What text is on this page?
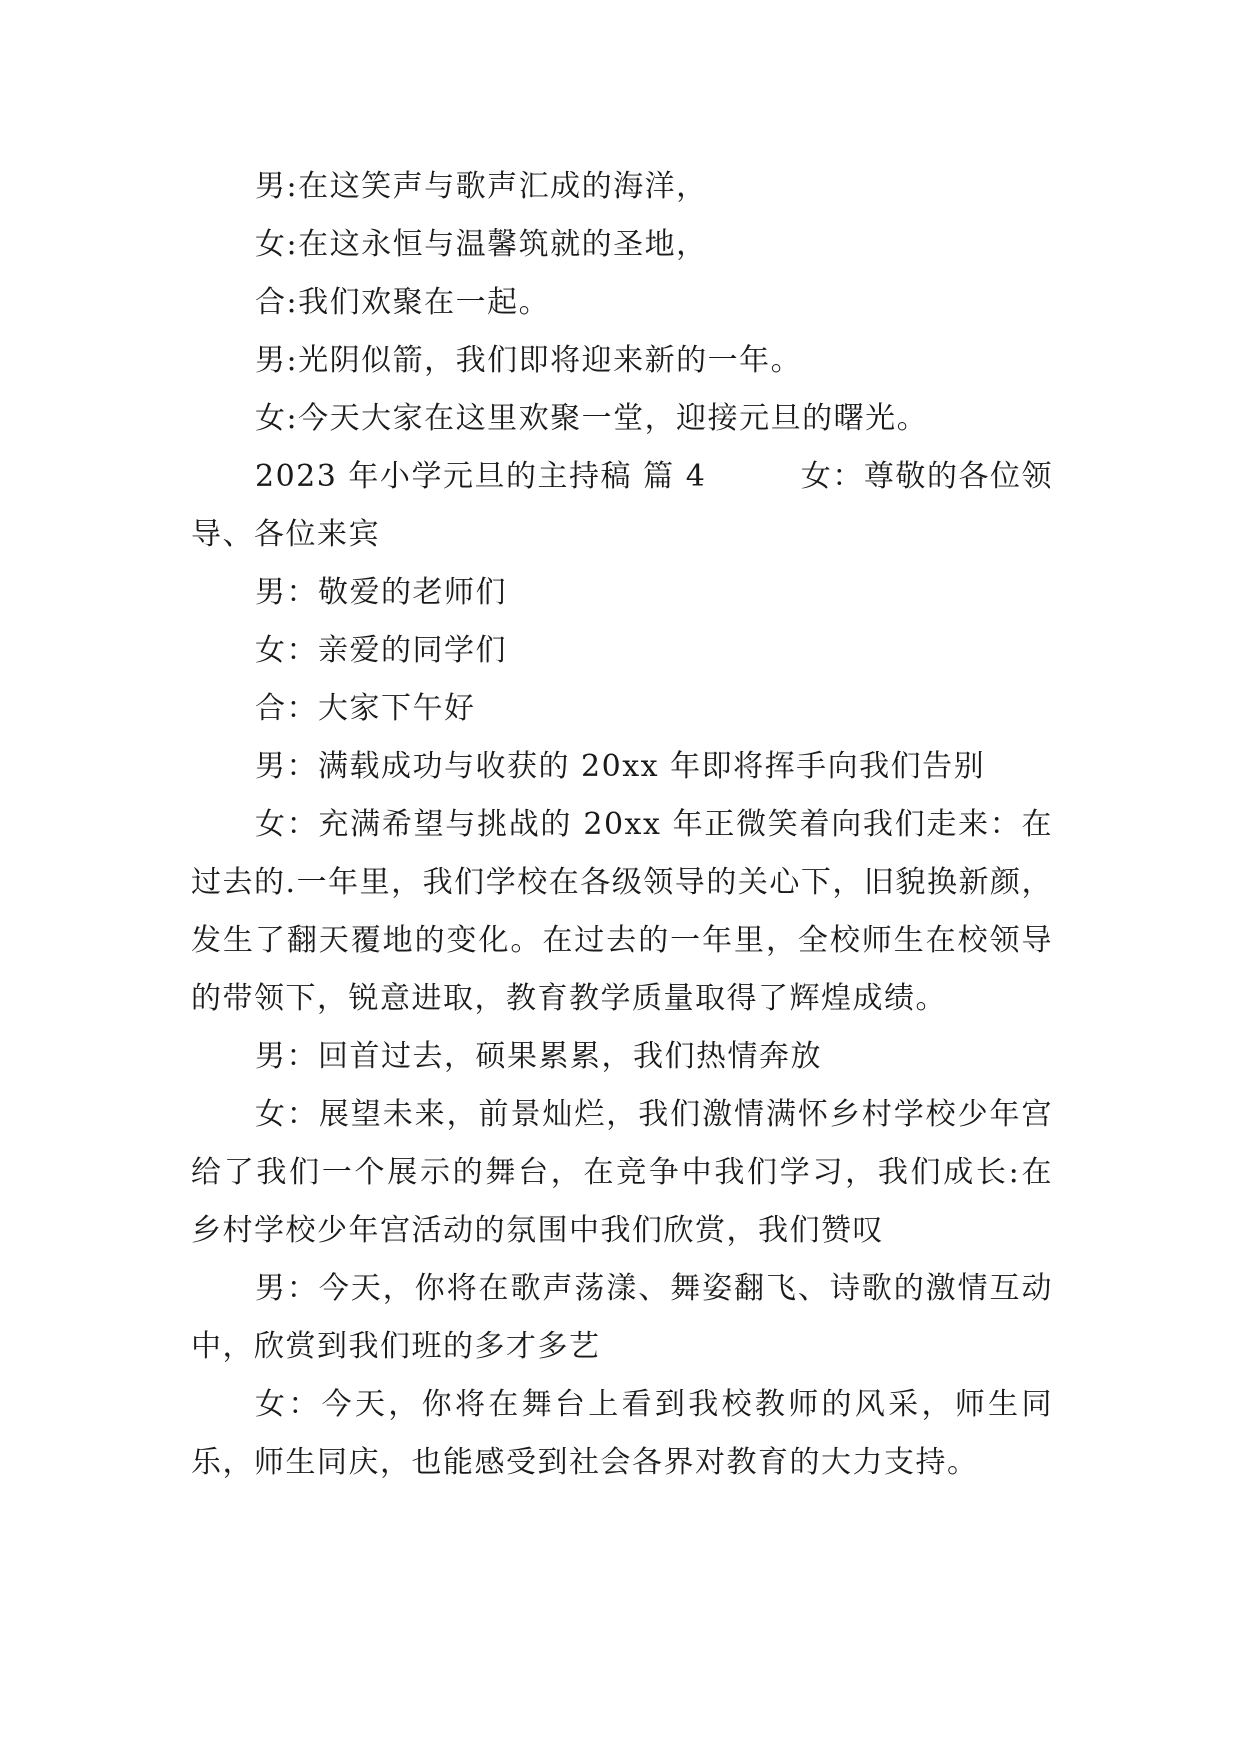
男:在这笑声与歌声汇成的海洋，

女:在这永恒与温馨筑就的圣地，

合:我们欢聚在一起。

男:光阴似箭，我们即将迎来新的一年。

女:今天大家在这里欢聚一堂，迎接元旦的曙光。

2023 年小学元旦的主持稿 篇 4　　　女：尊敬的各位领导、各位来宾

男：敬爱的老师们

女：亲爱的同学们

合：大家下午好

男：满载成功与收获的 20xx 年即将挥手向我们告别

女：充满希望与挑战的 20xx 年正微笑着向我们走来：在过去的.一年里，我们学校在各级领导的关心下，旧貌换新颜，发生了翻天覆地的变化。在过去的一年里，全校师生在校领导的带领下，锐意进取，教育教学质量取得了辉煌成绩。

男：回首过去，硕果累累，我们热情奔放

女：展望未来，前景灿烂，我们激情满怀乡村学校少年宫给了我们一个展示的舞台，在竞争中我们学习，我们成长:在乡村学校少年宫活动的氛围中我们欣赏，我们赞叹

男：今天，你将在歌声荡漾、舞姿翻飞、诗歌的激情互动中，欣赏到我们班的多才多艺

女：今天，你将在舞台上看到我校教师的风采，师生同乐，师生同庆，也能感受到社会各界对教育的大力支持。
